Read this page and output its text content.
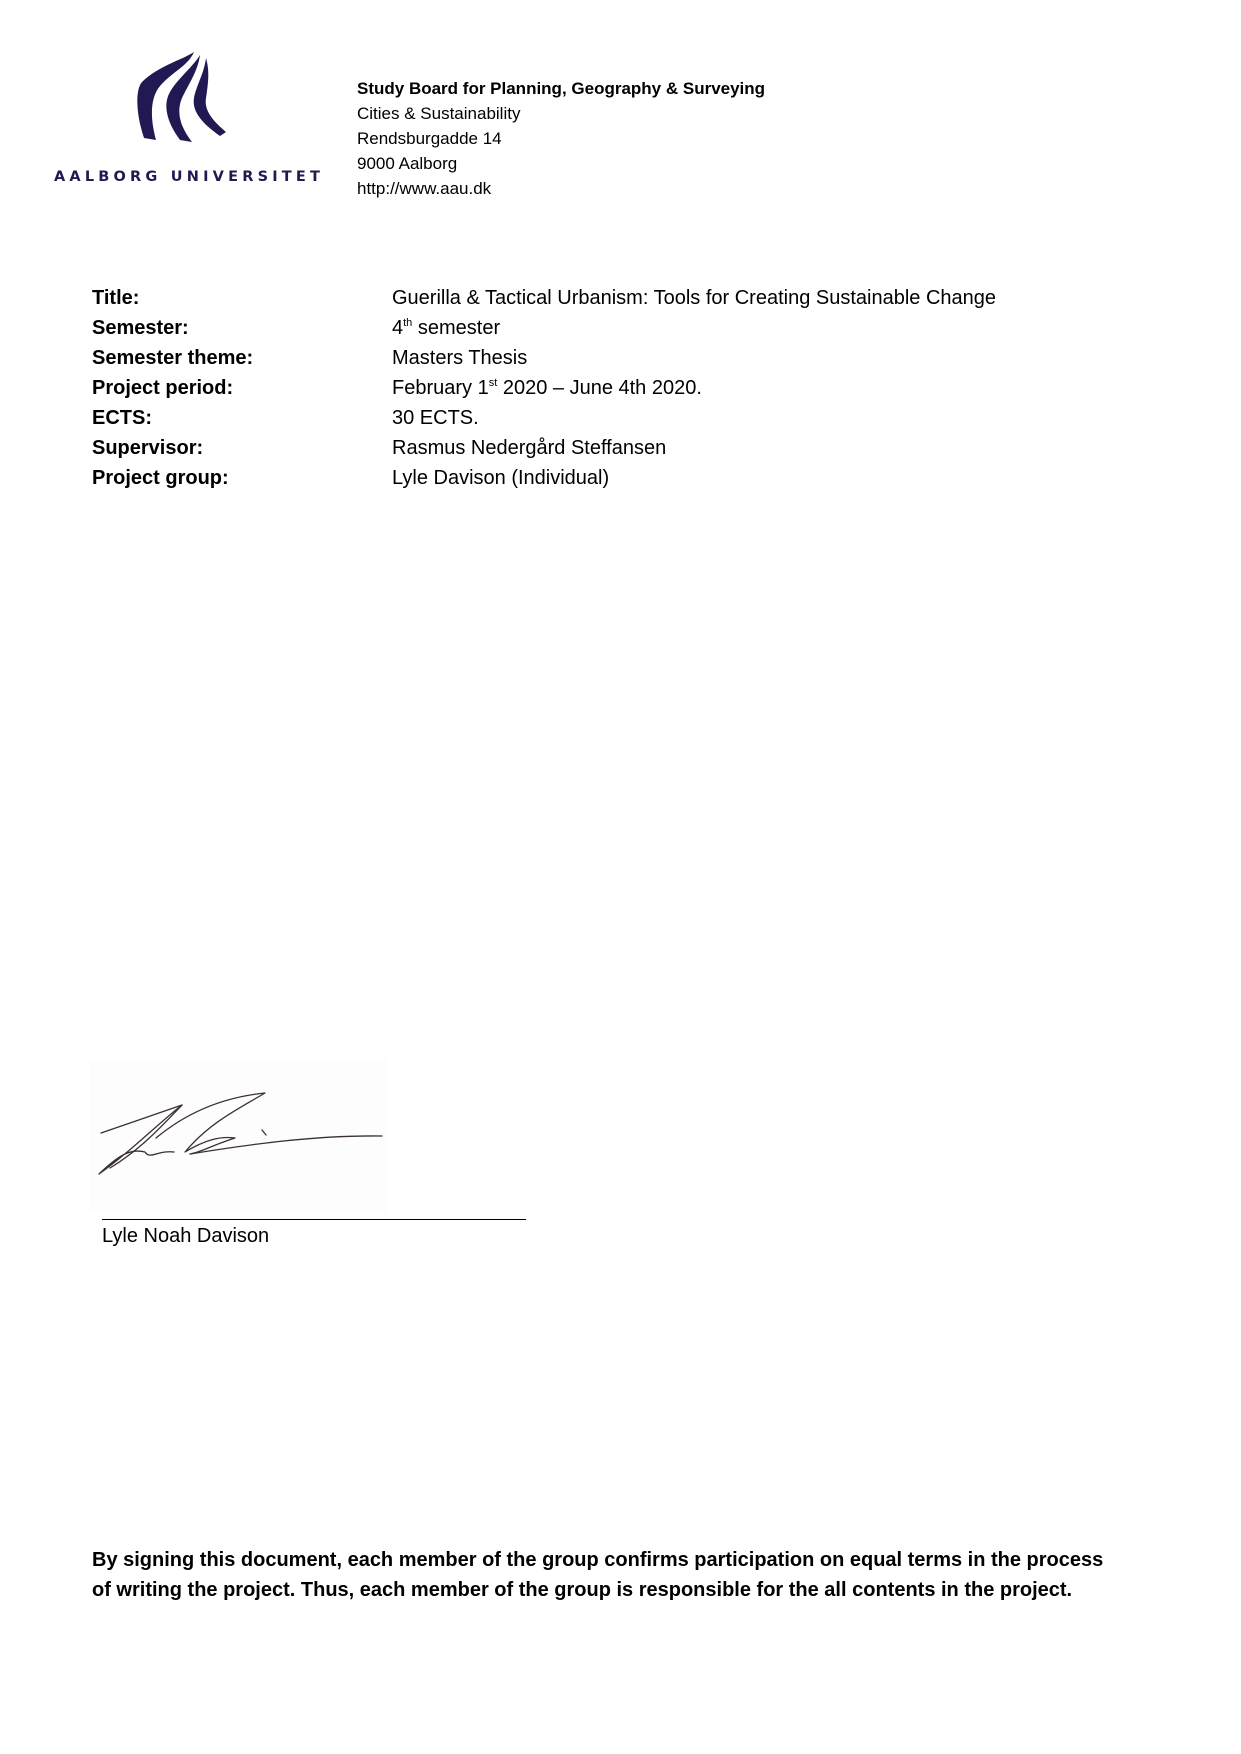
AALBORG UNIVERSITET
Study Board for Planning, Geography & Surveying
Cities & Sustainability
Rendsburgadde 14
9000 Aalborg
http://www.aau.dk
Title:	Guerilla & Tactical Urbanism: Tools for Creating Sustainable Change
Semester:	4th semester
Semester theme:	Masters Thesis
Project period:	February 1st 2020 – June 4th 2020.
ECTS:	30 ECTS.
Supervisor:	Rasmus Nedergård Steffansen
Project group:	Lyle Davison (Individual)
Lyle Noah Davison
By signing this document, each member of the group confirms participation on equal terms in the process
of writing the project. Thus, each member of the group is responsible for the all contents in the project.
